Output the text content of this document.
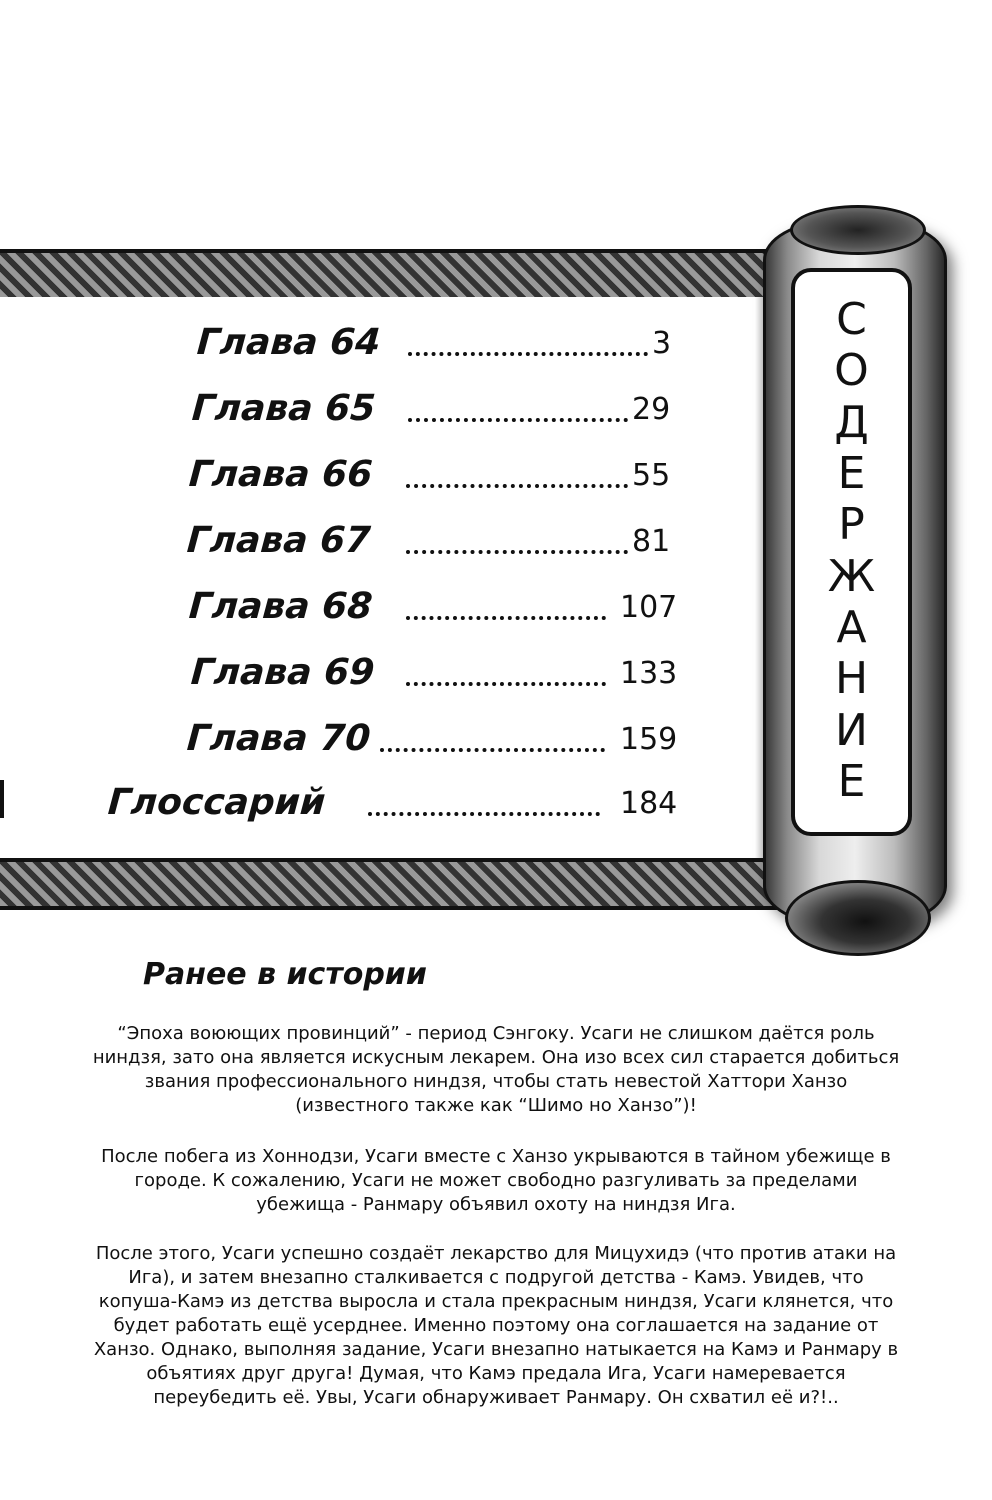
С
О
Д
Е
Р
Ж
А
Н
И
Е
Глава 64	3
Глава 65	29
Глава 66	55
Глава 67	81
Глава 68	107
Глава 69	133
Глава 70	159
Глоссарий	184
Ранее в истории

“Эпоха воюющих провинций” - период Сэнгоку. Усаги не слишком даётся роль ниндзя, зато она является искусным лекарем. Она изо всех сил старается добиться звания профессионального ниндзя, чтобы стать невестой Хаттори Ханзо (известного также как “Шимо но Ханзо”)!

После побега из Хоннодзи, Усаги вместе с Ханзо укрываются в тайном убежище в городе. К сожалению, Усаги не может свободно разгуливать за пределами убежища - Ранмару объявил охоту на ниндзя Ига.

После этого, Усаги успешно создаёт лекарство для Мицухидэ (что против атаки на Ига), и затем внезапно сталкивается с подругой детства - Камэ. Увидев, что копуша-Камэ из детства выросла и стала прекрасным ниндзя, Усаги клянется, что будет работать ещё усерднее. Именно поэтому она соглашается на задание от Ханзо. Однако, выполняя задание, Усаги внезапно натыкается на Камэ и Ранмару в объятиях друг друга! Думая, что Камэ предала Ига, Усаги намеревается переубедить её. Увы, Усаги обнаруживает Ранмару. Он схватил её и?!..
